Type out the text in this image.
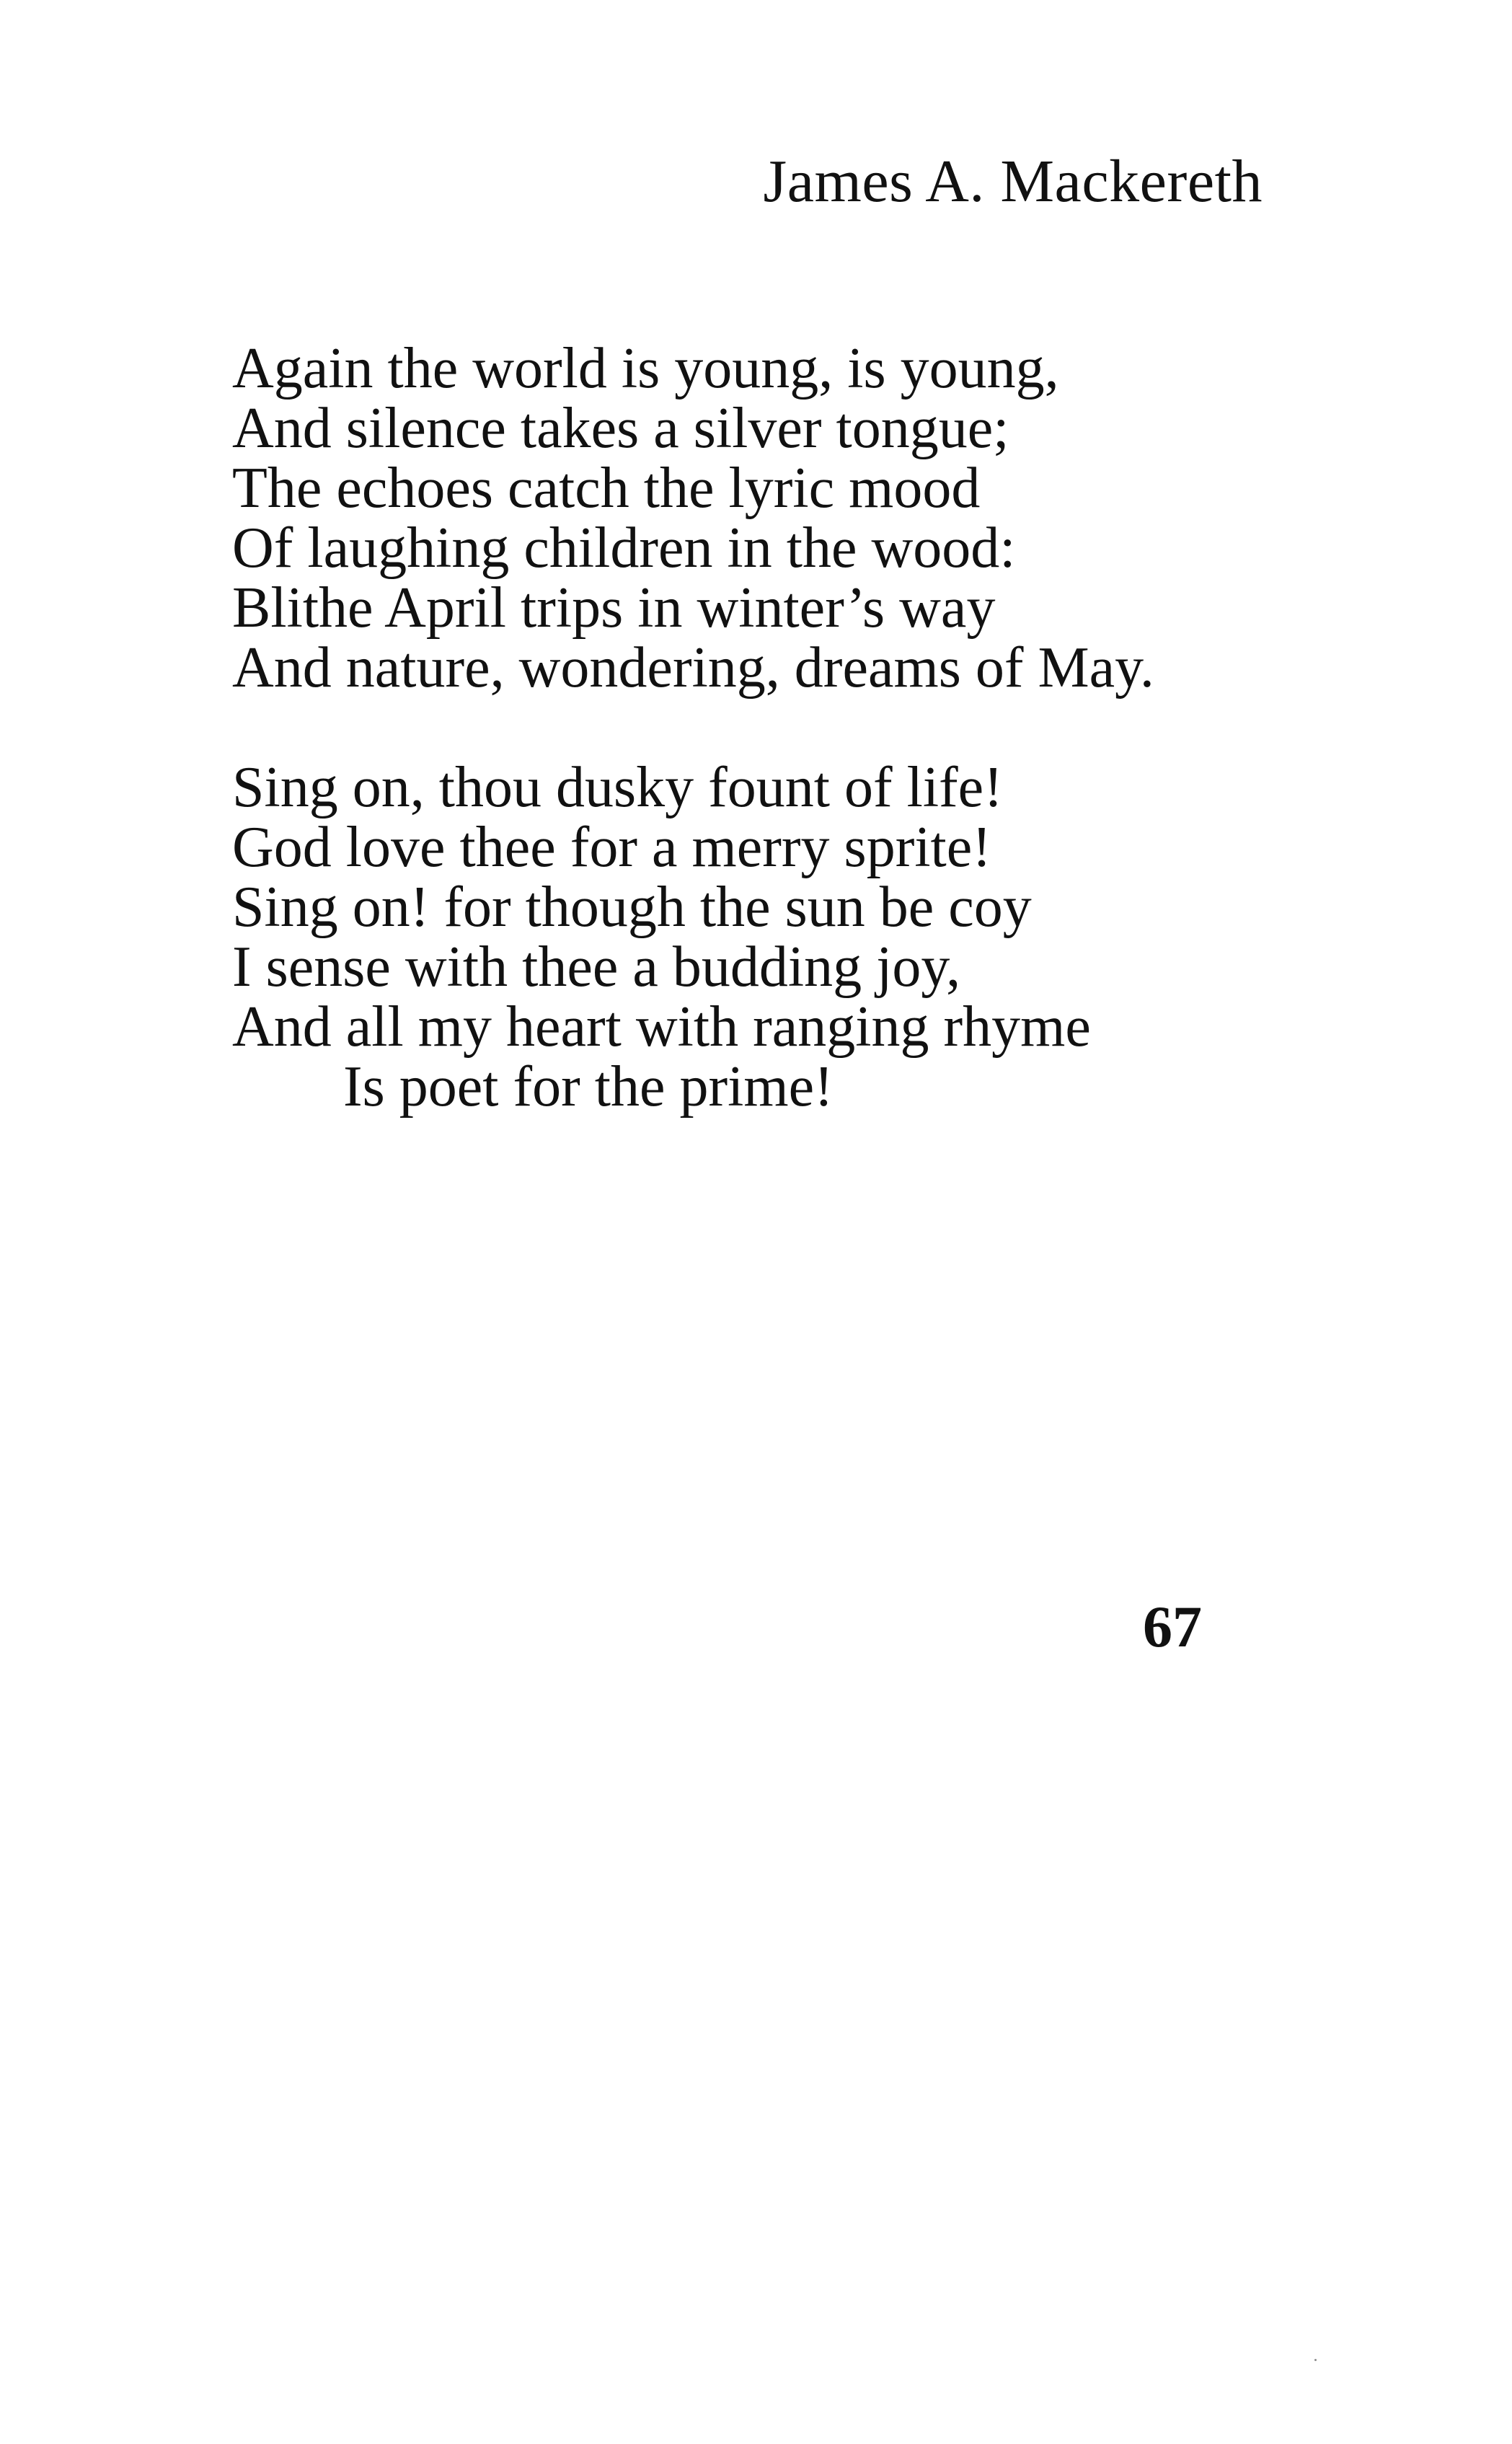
James A. Mackereth
Again the world is young, is young,
And silence takes a silver tongue;
The echoes catch the lyric mood
Of laughing children in the wood:
Blithe April trips in winter’s way
And nature, wondering, dreams of May.
Sing on, thou dusky fount of life!
God love thee for a merry sprite!
Sing on! for though the sun be coy
I sense with thee a budding joy,
And all my heart with ranging rhyme
Is poet for the prime!
67
